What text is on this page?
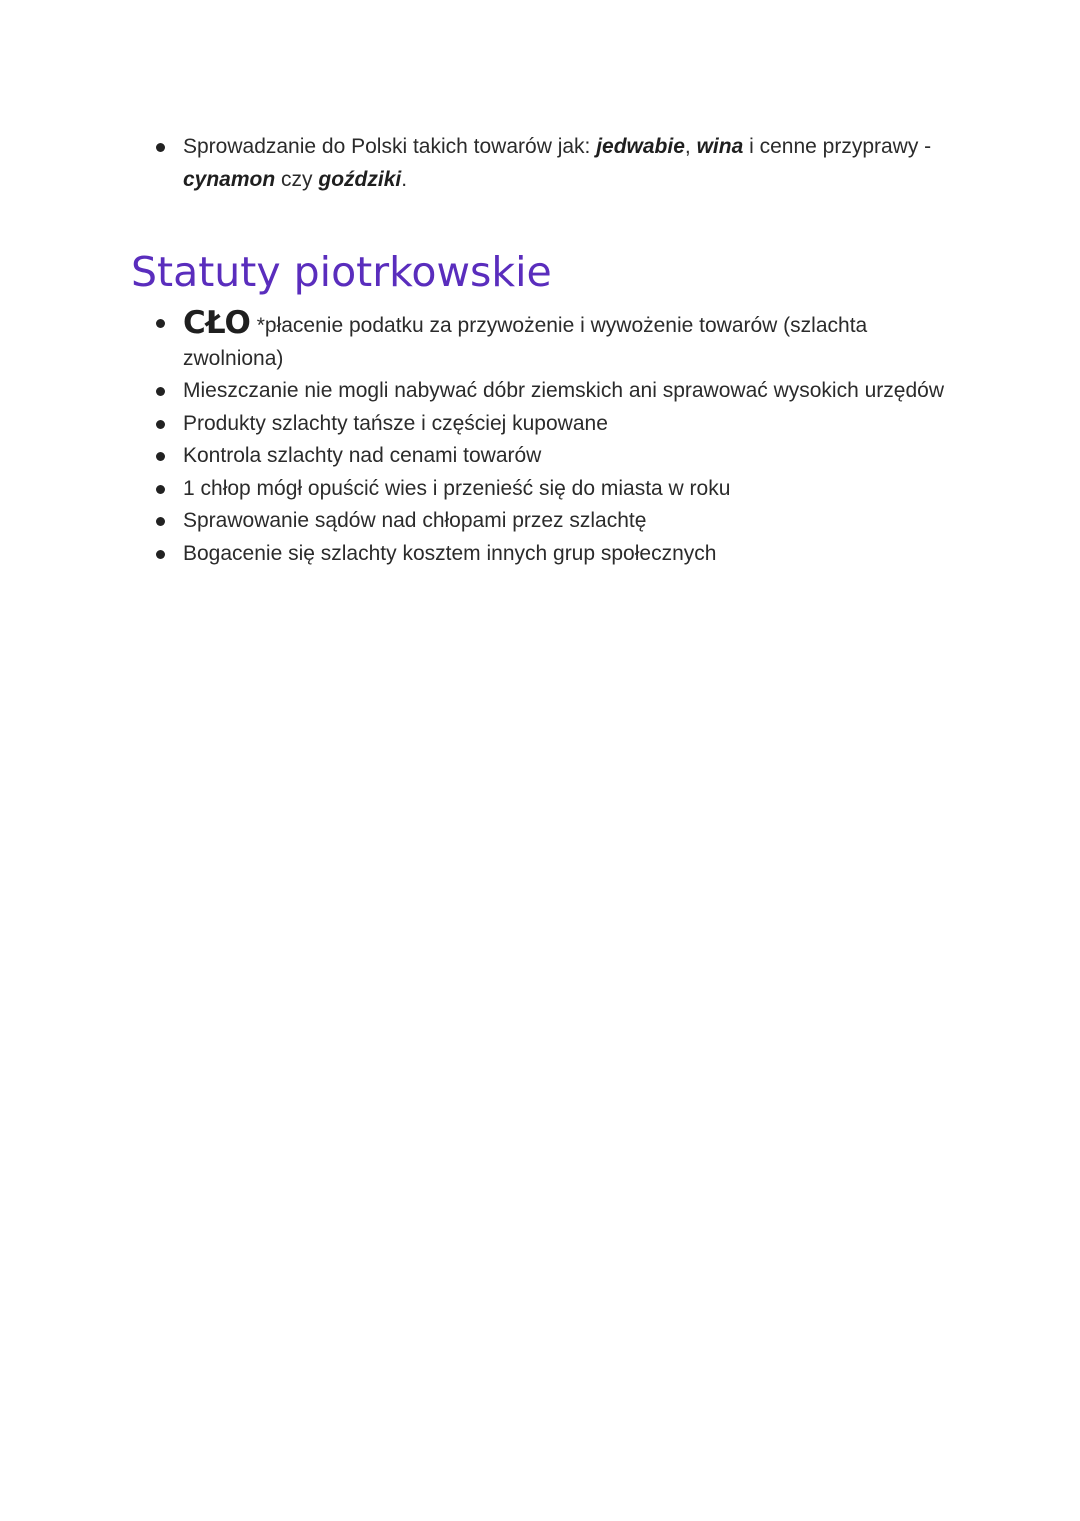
Sprowadzanie do Polski takich towarów jak: jedwabie, wina i cenne przyprawy - cynamon czy goździki.
Statuty piotrkowskie
CŁO *płacenie podatku za przywożenie i wywożenie towarów (szlachta zwolniona)
Mieszczanie nie mogli nabywać dóbr ziemskich ani sprawować wysokich urzędów
Produkty szlachty tańsze i częściej kupowane
Kontrola szlachty nad cenami towarów
1 chłop mógł opuścić wies i przenieść się do miasta w roku
Sprawowanie sądów nad chłopami przez szlachtę
Bogacenie się szlachty kosztem innych grup społecznych
